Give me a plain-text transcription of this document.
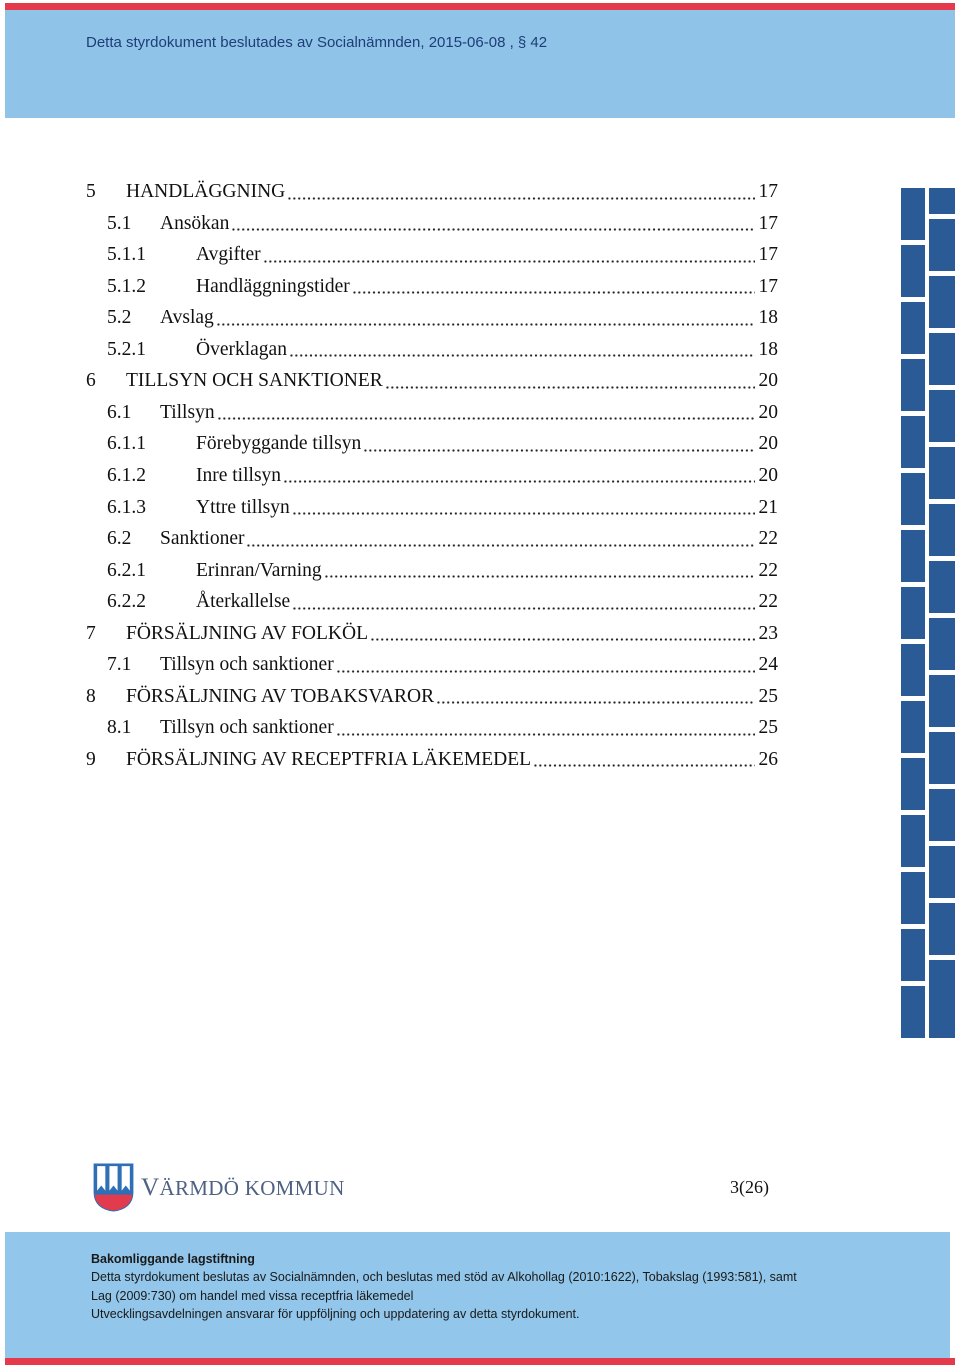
Detta styrdokument beslutades av Socialnämnden, 2015-06-08 , § 42
5 HANDLÄGGNING	17
5.1 Ansökan	17
5.1.1	Avgifter	17
5.1.2	Handläggningstider	17
5.2 Avslag	18
5.2.1	Överklagan	18
6 TILLSYN OCH SANKTIONER	20
6.1 Tillsyn	20
6.1.1	Förebyggande tillsyn	20
6.1.2	Inre tillsyn	20
6.1.3	Yttre tillsyn	21
6.2 Sanktioner	22
6.2.1	Erinran/Varning	22
6.2.2	Återkallelse	22
7 FÖRSÄLJNING AV FOLKÖL	23
7.1 Tillsyn och sanktioner	24
8 FÖRSÄLJNING AV TOBAKSVAROR	25
8.1 Tillsyn och sanktioner	25
9 FÖRSÄLJNING AV RECEPTFRIA LÄKEMEDEL	26
VÄRMDÖ KOMMUN	3(26)
Bakomliggande lagstiftning
Detta styrdokument beslutas av Socialnämnden, och beslutas med stöd av Alkohollag (2010:1622), Tobakslag (1993:581), samt
Lag (2009:730) om handel med vissa receptfria läkemedel
Utvecklingsavdelningen ansvarar för uppföljning och uppdatering av detta styrdokument.
